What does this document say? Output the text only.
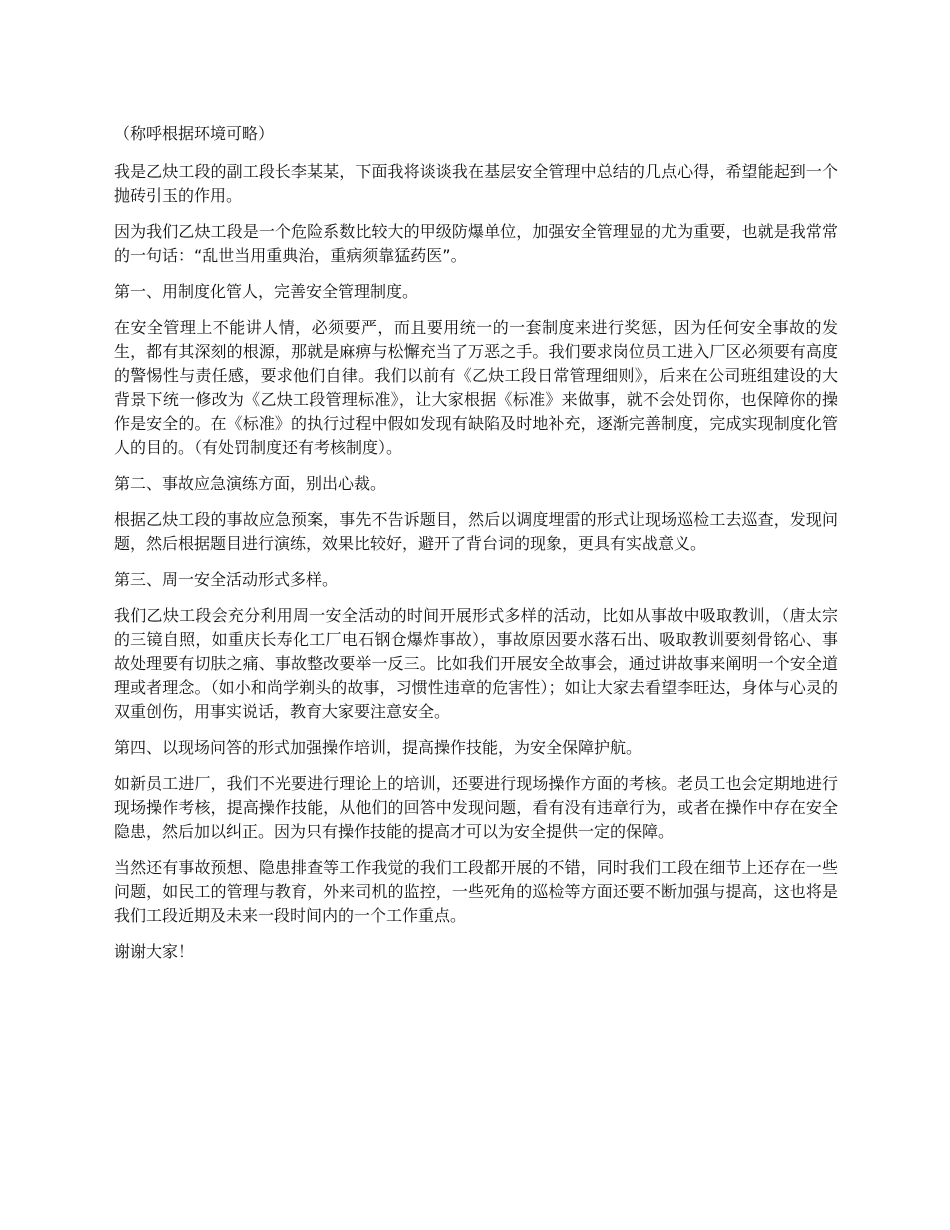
（称呼根据环境可略）

我是乙炔工段的副工段长李某某，下面我将谈谈我在基层安全管理中总结的几点心得，希望能起到一个抛砖引玉的作用。

因为我们乙炔工段是一个危险系数比较大的甲级防爆单位，加强安全管理显的尤为重要，也就是我常常的一句话：“乱世当用重典治，重病须靠猛药医”。

第一、用制度化管人，完善安全管理制度。

在安全管理上不能讲人情，必须要严，而且要用统一的一套制度来进行奖惩，因为任何安全事故的发生，都有其深刻的根源，那就是麻痹与松懈充当了万恶之手。我们要求岗位员工进入厂区必须要有高度的警惕性与责任感，要求他们自律。我们以前有《乙炔工段日常管理细则》，后来在公司班组建设的大背景下统一修改为《乙炔工段管理标准》，让大家根据《标准》来做事，就不会处罚你，也保障你的操作是安全的。在《标准》的执行过程中假如发现有缺陷及时地补充，逐渐完善制度，完成实现制度化管人的目的。（有处罚制度还有考核制度）。

第二、事故应急演练方面，别出心裁。

根据乙炔工段的事故应急预案，事先不告诉题目，然后以调度埋雷的形式让现场巡检工去巡查，发现问题，然后根据题目进行演练，效果比较好，避开了背台词的现象，更具有实战意义。

第三、周一安全活动形式多样。

我们乙炔工段会充分利用周一安全活动的时间开展形式多样的活动，比如从事故中吸取教训，（唐太宗的三镜自照，如重庆长寿化工厂电石钢仓爆炸事故），事故原因要水落石出、吸取教训要刻骨铭心、事故处理要有切肤之痛、事故整改要举一反三。比如我们开展安全故事会，通过讲故事来阐明一个安全道理或者理念。（如小和尚学剃头的故事，习惯性违章的危害性）；如让大家去看望李旺达，身体与心灵的双重创伤，用事实说话，教育大家要注意安全。

第四、以现场问答的形式加强操作培训，提高操作技能，为安全保障护航。

如新员工进厂，我们不光要进行理论上的培训，还要进行现场操作方面的考核。老员工也会定期地进行现场操作考核，提高操作技能，从他们的回答中发现问题，看有没有违章行为，或者在操作中存在安全隐患，然后加以纠正。因为只有操作技能的提高才可以为安全提供一定的保障。

当然还有事故预想、隐患排查等工作我觉的我们工段都开展的不错，同时我们工段在细节上还存在一些问题，如民工的管理与教育，外来司机的监控，一些死角的巡检等方面还要不断加强与提高，这也将是我们工段近期及未来一段时间内的一个工作重点。

谢谢大家！
